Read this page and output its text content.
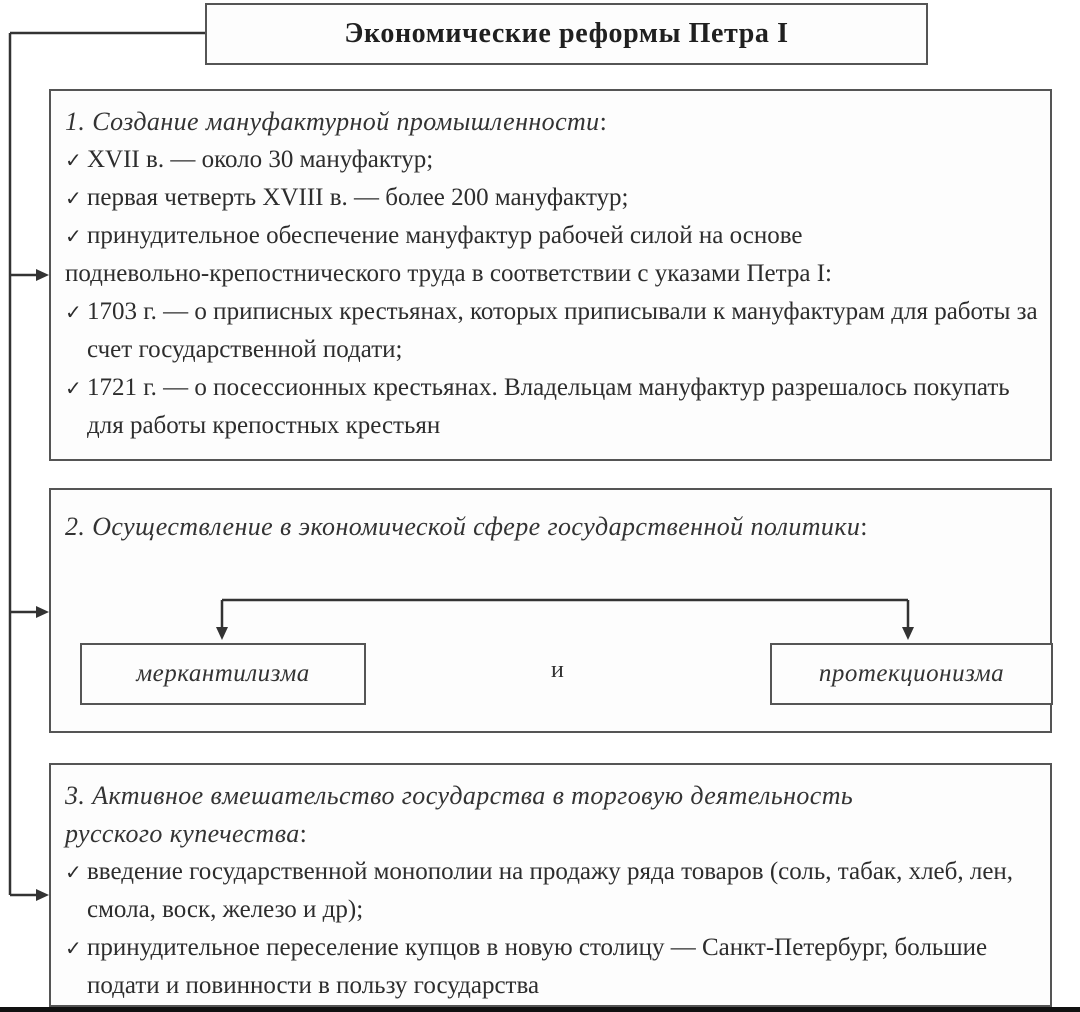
Экономические реформы Петра I
1. Создание мануфактурной промышленности:
✓ XVII в. — около 30 мануфактур;
✓ первая четверть XVIII в. — более 200 мануфактур;
✓ принудительное обеспечение мануфактур рабочей силой на основе
подневольно-крепостнического труда в соответствии с указами Петра I:
✓ 1703 г. — о приписных крестьянах, которых приписывали к мануфактурам для работы за счет государственной подати;
✓ 1721 г. — о посессионных крестьянах. Владельцам мануфактур разрешалось покупать для работы крепостных крестьян
2. Осуществление в экономической сфере государственной политики:
меркантилизма	и	протекционизма
3. Активное вмешательство государства в торговую деятельность русского купечества:
✓ введение государственной монополии на продажу ряда товаров (соль, табак, хлеб, лен, смола, воск, железо и др);
✓ принудительное переселение купцов в новую столицу — Санкт-Петербург, большие подати и повинности в пользу государства
